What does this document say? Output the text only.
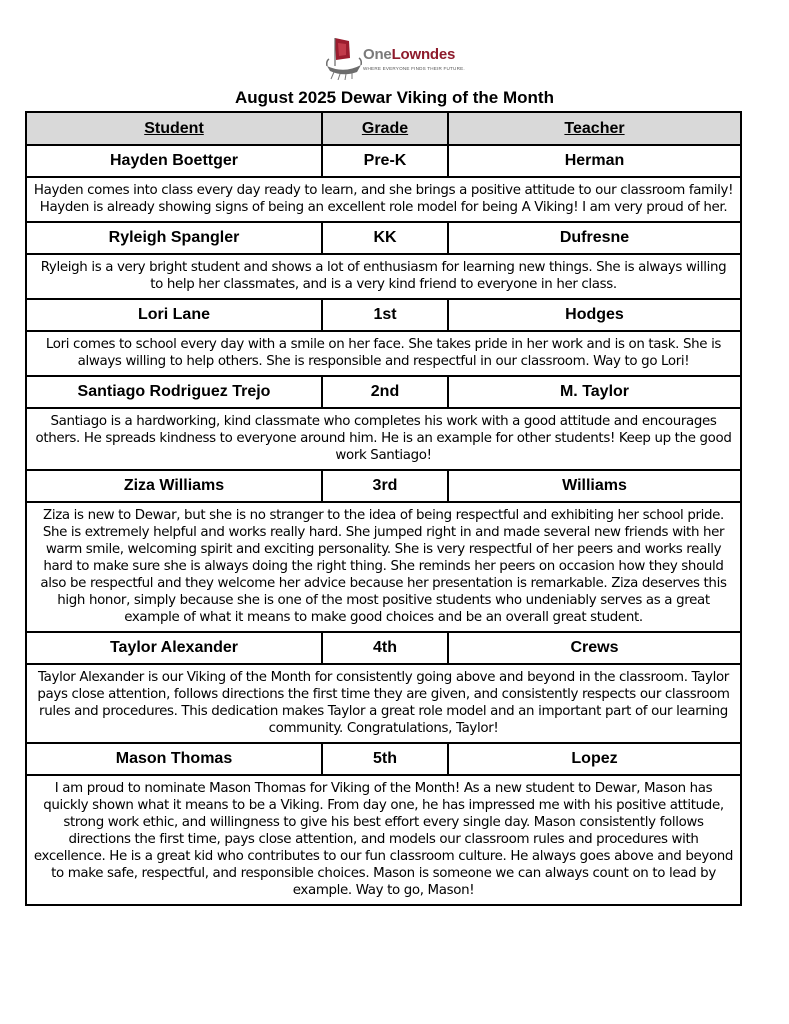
OneLowndes
WHERE EVERYONE FINDS THEIR FUTURE.
August 2025 Dewar Viking of the Month
Student	Grade	Teacher
Hayden Boettger	Pre-K	Herman
Hayden comes into class every day ready to learn, and she brings a positive attitude to our classroom family! Hayden is already showing signs of being an excellent role model for being A Viking! I am very proud of her.		
Ryleigh Spangler	KK	Dufresne
Ryleigh is a very bright student and shows a lot of enthusiasm for learning new things. She is always willing to help her classmates, and is a very kind friend to everyone in her class.		
Lori Lane	1st	Hodges
Lori comes to school every day with a smile on her face. She takes pride in her work and is on task. She is always willing to help others. She is responsible and respectful in our classroom. Way to go Lori!		
Santiago Rodriguez Trejo	2nd	M. Taylor
Santiago is a hardworking, kind classmate who completes his work with a good attitude and encourages others. He spreads kindness to everyone around him. He is an example for other students! Keep up the good work Santiago!		
Ziza Williams	3rd	Williams
Ziza is new to Dewar, but she is no stranger to the idea of being respectful and exhibiting her school pride. She is extremely helpful and works really hard. She jumped right in and made several new friends with her warm smile, welcoming spirit and exciting personality. She is very respectful of her peers and works really hard to make sure she is always doing the right thing. She reminds her peers on occasion how they should also be respectful and they welcome her advice because her presentation is remarkable. Ziza deserves this high honor, simply because she is one of the most positive students who undeniably serves as a great example of what it means to make good choices and be an overall great student.		
Taylor Alexander	4th	Crews
Taylor Alexander is our Viking of the Month for consistently going above and beyond in the classroom. Taylor pays close attention, follows directions the first time they are given, and consistently respects our classroom rules and procedures. This dedication makes Taylor a great role model and an important part of our learning community. Congratulations, Taylor!		
Mason Thomas	5th	Lopez
I am proud to nominate Mason Thomas for Viking of the Month! As a new student to Dewar, Mason has quickly shown what it means to be a Viking. From day one, he has impressed me with his positive attitude, strong work ethic, and willingness to give his best effort every single day. Mason consistently follows directions the first time, pays close attention, and models our classroom rules and procedures with excellence. He is a great kid who contributes to our fun classroom culture. He always goes above and beyond to make safe, respectful, and responsible choices. Mason is someone we can always count on to lead by example. Way to go, Mason!		
